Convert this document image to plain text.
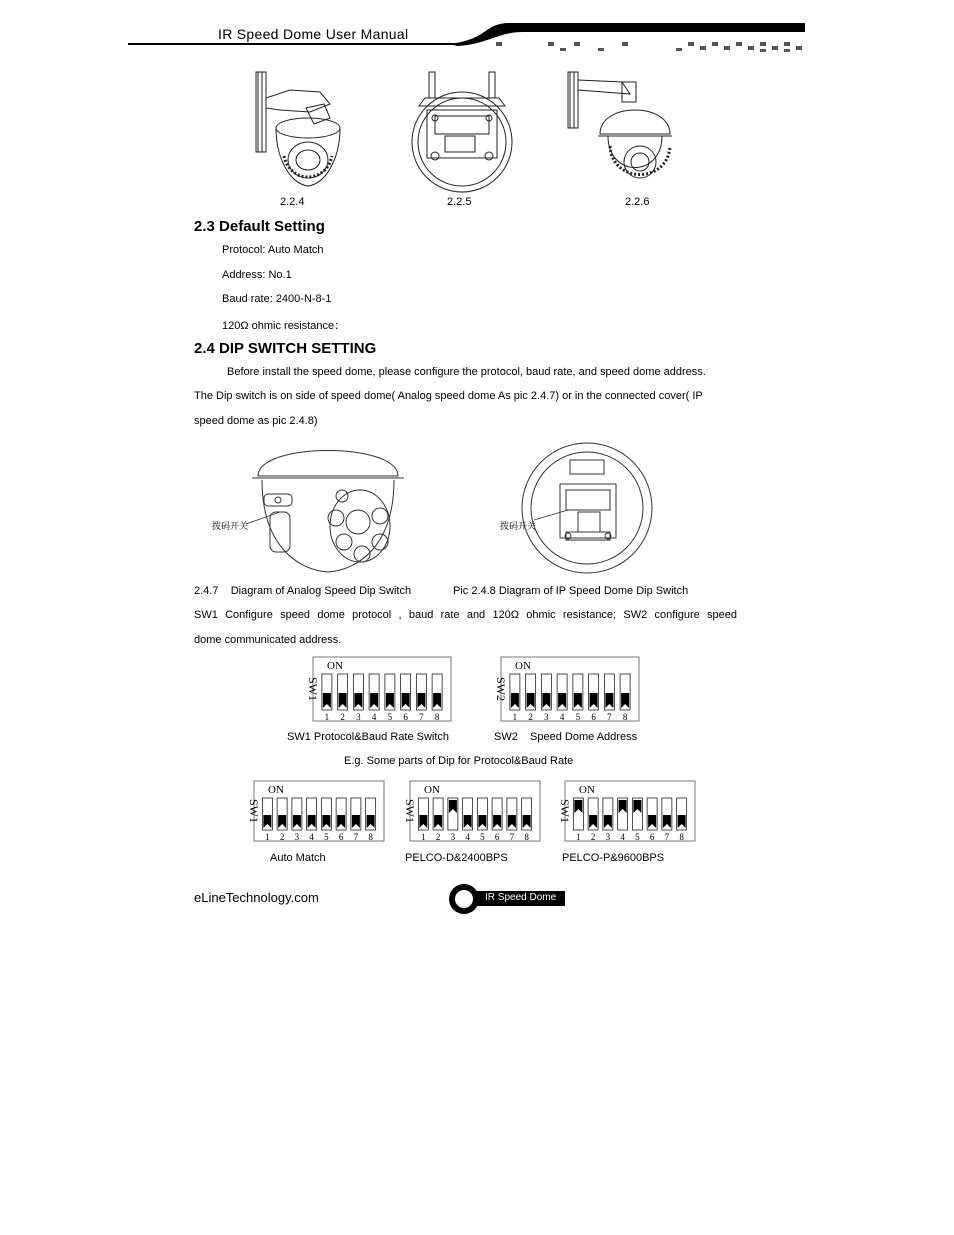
IR Speed Dome User Manual
2.2.4	2.2.5	2.2.6
2.3 Default Setting
Protocol: Auto Match
Address: No.1
Baud rate: 2400-N-8-1
120Ω ohmic resistance：
2.4 DIP SWITCH SETTING
Before install the speed dome, please configure the protocol, baud rate, and speed dome address.
The Dip switch is on side of speed dome( Analog speed dome As pic 2.4.7) or in the connected cover( IP
speed dome as pic 2.4.8)
拨码开关	拨码开关
2.4.7    Diagram of Analog Speed Dip Switch	Pic 2.4.8 Diagram of IP Speed Dome Dip Switch
SW1 Configure speed dome protocol , baud rate and 120Ω ohmic resistance; SW2 configure speed
dome communicated address.
SW1
ON
1 2 3 4 5 6 7 8
SW2
ON
1 2 3 4 5 6 7 8
SW1 Protocol&Baud Rate Switch	SW2    Speed Dome Address
E.g. Some parts of Dip for Protocol&Baud Rate
SW1
ON
1 2 3 4 5 6 7 8
SW1
ON
1 2 3 4 5 6 7 8
SW1
ON
1 2 3 4 5 6 7 8
Auto Match	PELCO-D&2400BPS	PELCO-P&9600BPS
eLineTechnology.com	IR Speed Dome
